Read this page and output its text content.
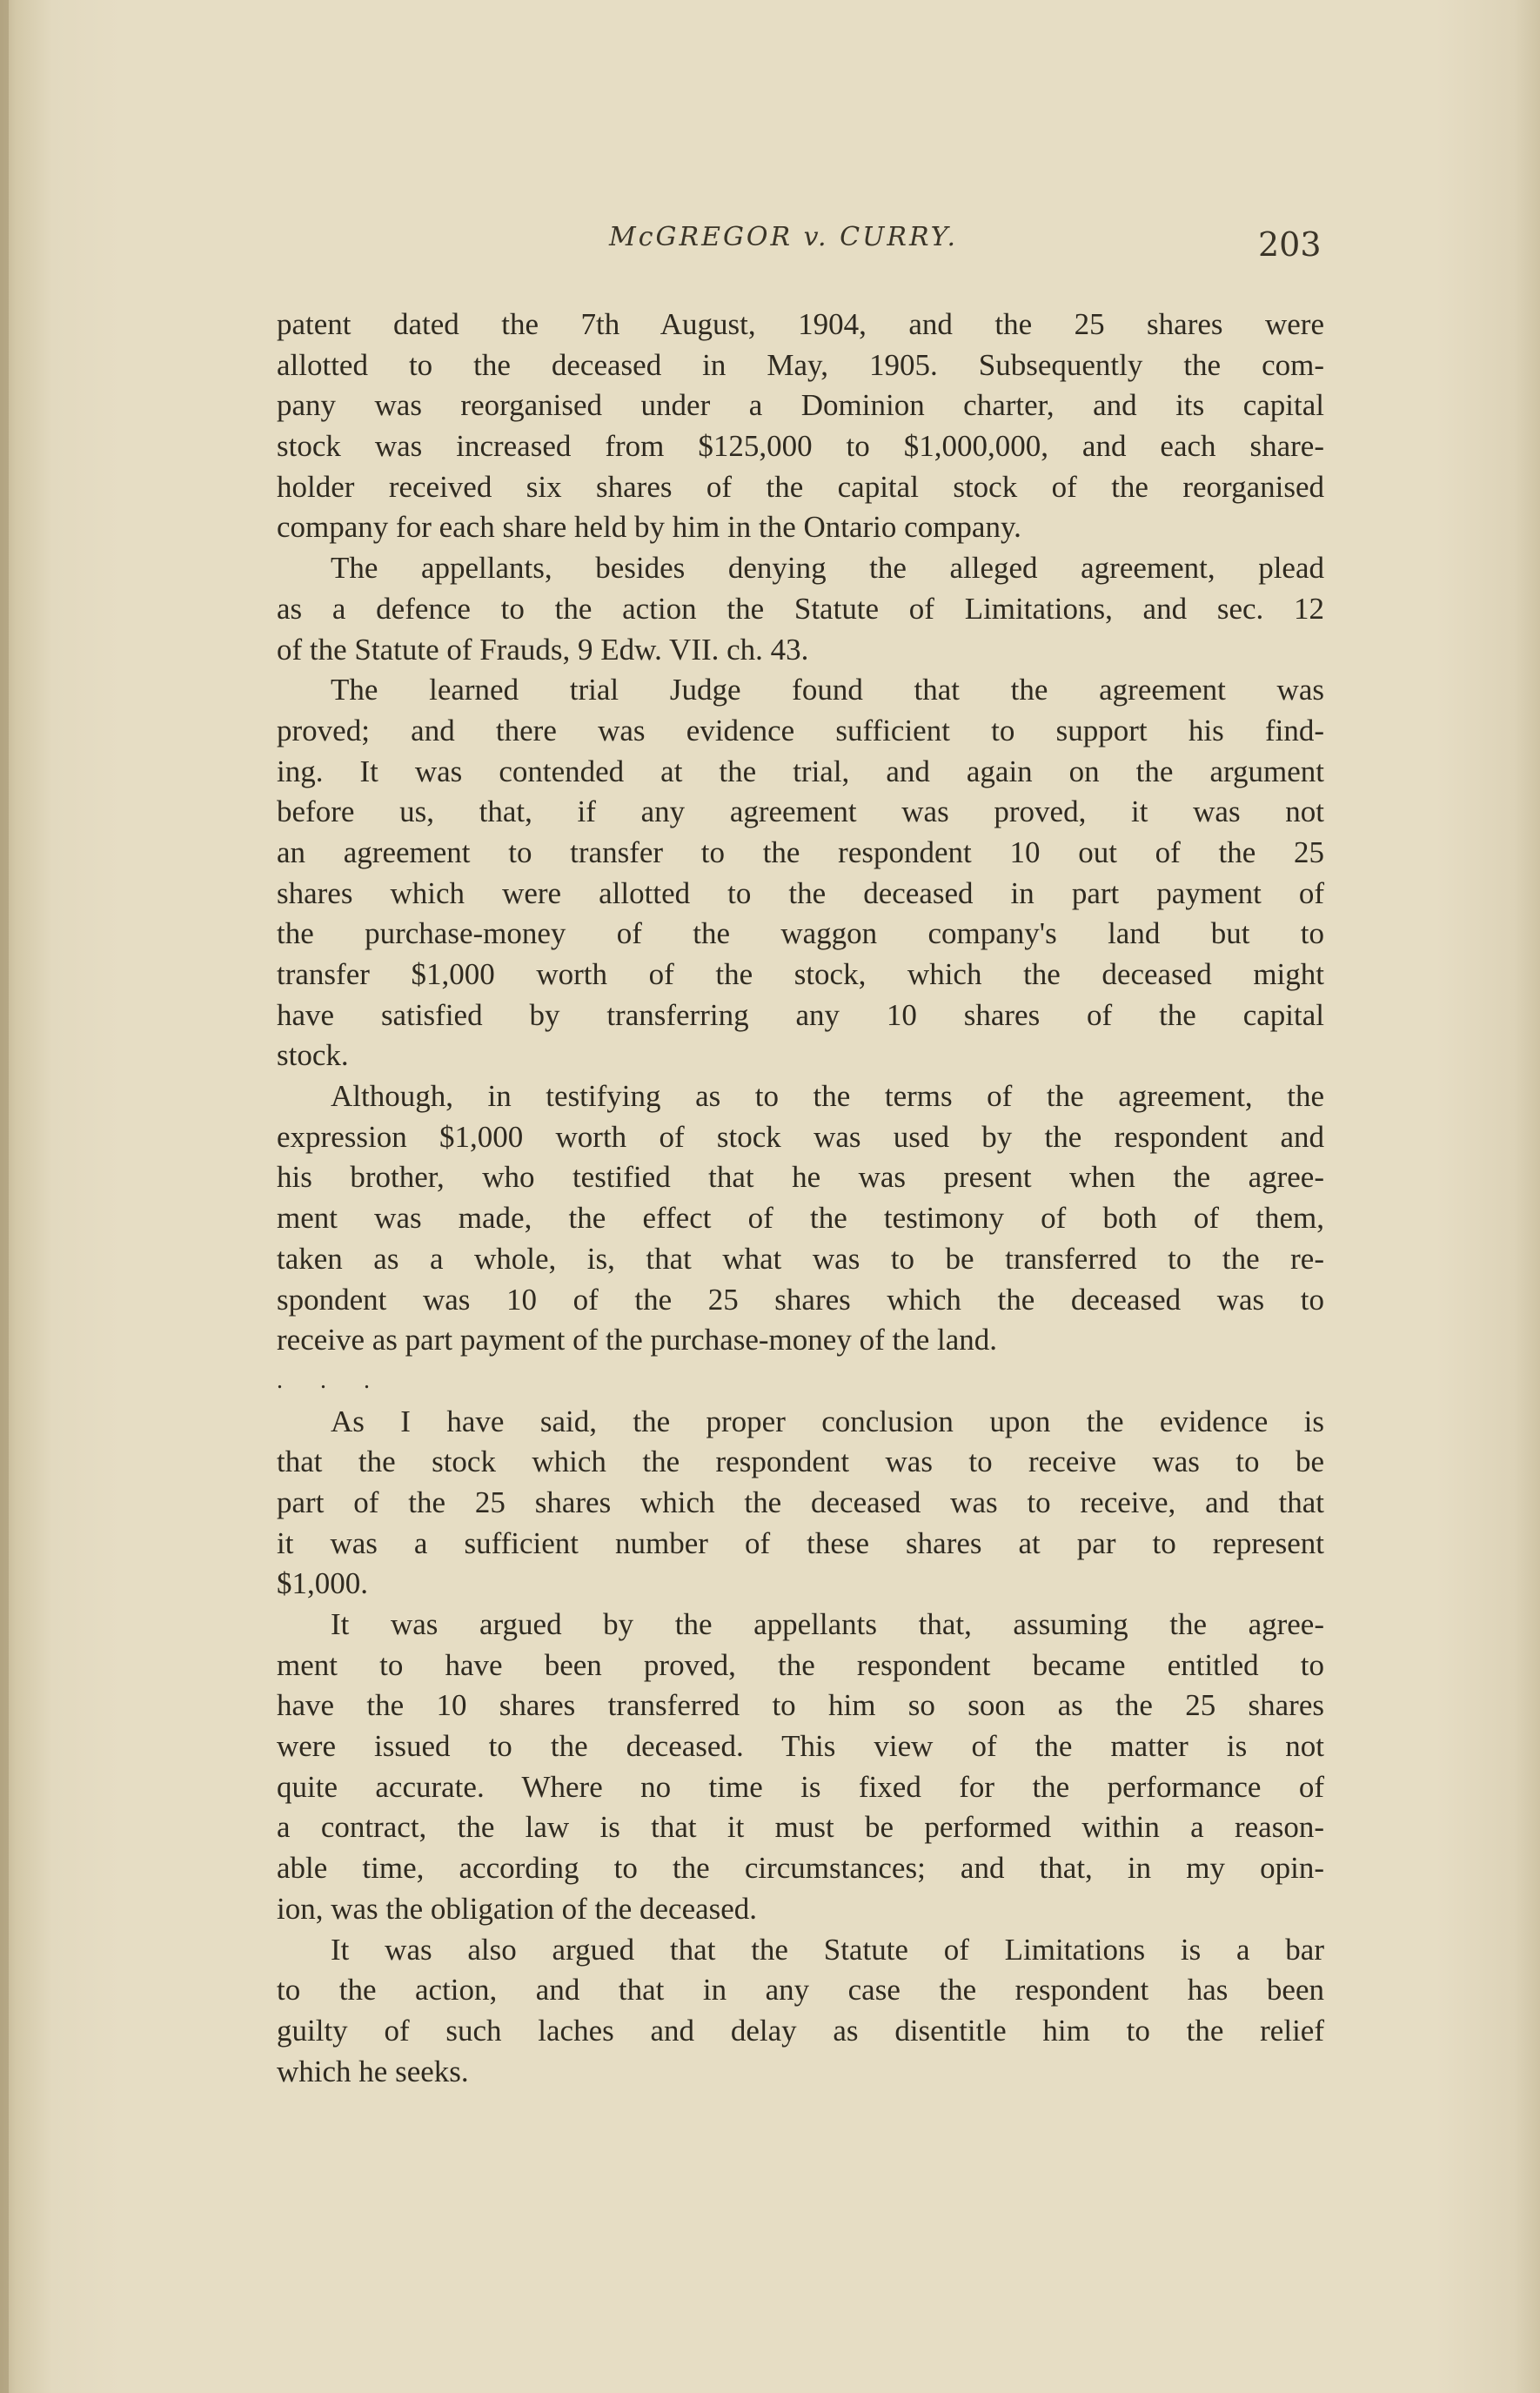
McGREGOR v. CURRY.	203
patent dated the 7th August, 1904, and the 25 shares were
allotted to the deceased in May, 1905. Subsequently the com-
pany was reorganised under a Dominion charter, and its capital
stock was increased from $125,000 to $1,000,000, and each share-
holder received six shares of the capital stock of the reorganised
company for each share held by him in the Ontario company.
The appellants, besides denying the alleged agreement, plead
as a defence to the action the Statute of Limitations, and sec. 12
of the Statute of Frauds, 9 Edw. VII. ch. 43.
The learned trial Judge found that the agreement was
proved; and there was evidence sufficient to support his find-
ing. It was contended at the trial, and again on the argument
before us, that, if any agreement was proved, it was not
an agreement to transfer to the respondent 10 out of the 25
shares which were allotted to the deceased in part payment of
the purchase-money of the waggon company's land but to
transfer $1,000 worth of the stock, which the deceased might
have satisfied by transferring any 10 shares of the capital
stock.
Although, in testifying as to the terms of the agreement, the
expression $1,000 worth of stock was used by the respondent and
his brother, who testified that he was present when the agree-
ment was made, the effect of the testimony of both of them,
taken as a whole, is, that what was to be transferred to the re-
spondent was 10 of the 25 shares which the deceased was to
receive as part payment of the purchase-money of the land.
. . .
As I have said, the proper conclusion upon the evidence is
that the stock which the respondent was to receive was to be
part of the 25 shares which the deceased was to receive, and that
it was a sufficient number of these shares at par to represent
$1,000.
It was argued by the appellants that, assuming the agree-
ment to have been proved, the respondent became entitled to
have the 10 shares transferred to him so soon as the 25 shares
were issued to the deceased. This view of the matter is not
quite accurate. Where no time is fixed for the performance of
a contract, the law is that it must be performed within a reason-
able time, according to the circumstances; and that, in my opin-
ion, was the obligation of the deceased.
It was also argued that the Statute of Limitations is a bar
to the action, and that in any case the respondent has been
guilty of such laches and delay as disentitle him to the relief
which he seeks.
